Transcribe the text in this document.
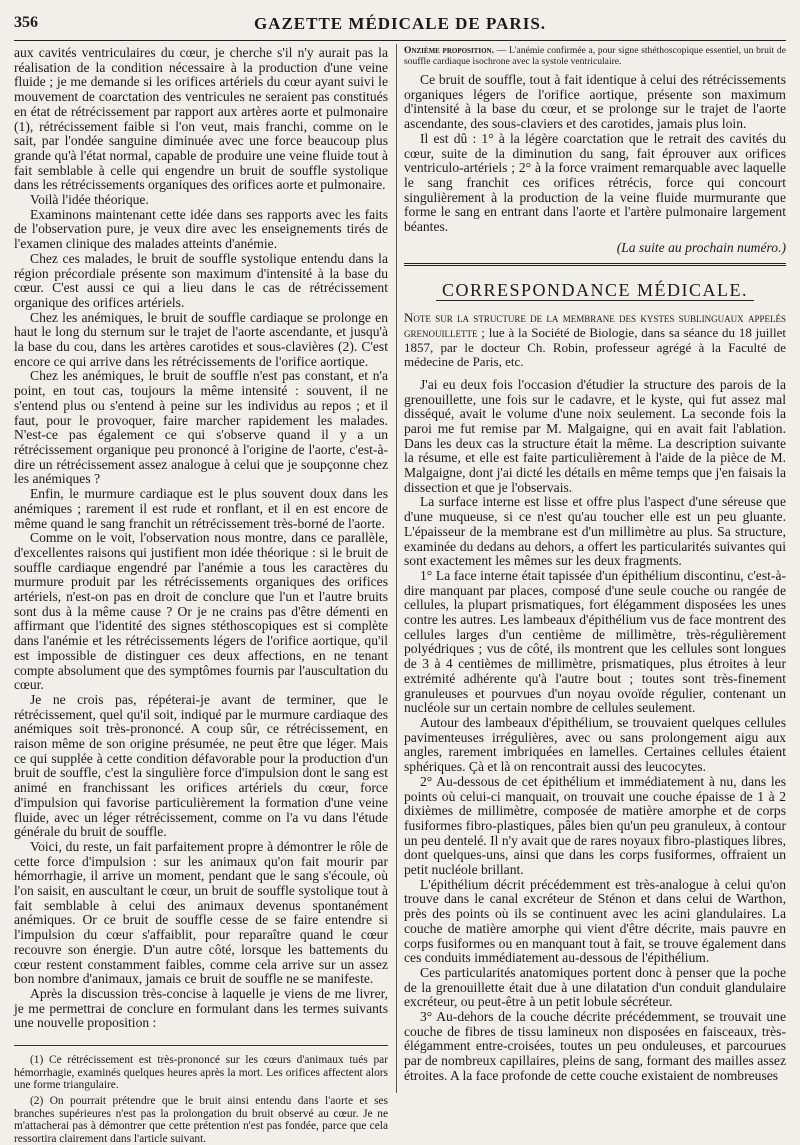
356	GAZETTE MÉDICALE DE PARIS.

aux cavités ventriculaires du cœur, je cherche s'il n'y aurait pas la réalisation de la condition nécessaire à la production d'une veine fluide ; je me demande si les orifices artériels du cœur ayant suivi le mouvement de coarctation des ventricules ne seraient pas constitués en état de rétrécissement par rapport aux artères aorte et pulmonaire (1), rétrécissement faible si l'on veut, mais franchi, comme on le sait, par l'ondée sanguine diminuée avec une force beaucoup plus grande qu'à l'état normal, capable de produire une veine fluide tout à fait semblable à celle qui engendre un bruit de souffle systolique dans les rétrécissements organiques des orifices aorte et pulmonaire.

Voilà l'idée théorique.

Examinons maintenant cette idée dans ses rapports avec les faits de l'observation pure, je veux dire avec les enseignements tirés de l'examen clinique des malades atteints d'anémie.

Chez ces malades, le bruit de souffle systolique entendu dans la région précordiale présente son maximum d'intensité à la base du cœur. C'est aussi ce qui a lieu dans le cas de rétrécissement organique des orifices artériels.

Chez les anémiques, le bruit de souffle cardiaque se prolonge en haut le long du sternum sur le trajet de l'aorte ascendante, et jusqu'à la base du cou, dans les artères carotides et sous-clavières (2). C'est encore ce qui arrive dans les rétrécissements de l'orifice aortique.

Chez les anémiques, le bruit de souffle n'est pas constant, et n'a point, en tout cas, toujours la même intensité : souvent, il ne s'entend plus ou s'entend à peine sur les individus au repos ; et il faut, pour le provoquer, faire marcher rapidement les malades. N'est-ce pas également ce qui s'observe quand il y a un rétrécissement organique peu prononcé à l'origine de l'aorte, c'est-à-dire un rétrécissement assez analogue à celui que je soupçonne chez les anémiques ?

Enfin, le murmure cardiaque est le plus souvent doux dans les anémiques ; rarement il est rude et ronflant, et il en est encore de même quand le sang franchit un rétrécissement très-borné de l'aorte.

Comme on le voit, l'observation nous montre, dans ce parallèle, d'excellentes raisons qui justifient mon idée théorique : si le bruit de souffle cardiaque engendré par l'anémie a tous les caractères du murmure produit par les rétrécissements organiques des orifices artériels, n'est-on pas en droit de conclure que l'un et l'autre bruits sont dus à la même cause ? Or je ne crains pas d'être démenti en affirmant que l'identité des signes stéthoscopiques est si complète dans l'anémie et les rétrécissements légers de l'orifice aortique, qu'il est impossible de distinguer ces deux affections, en ne tenant compte absolument que des symptômes fournis par l'auscultation du cœur.

Je ne crois pas, répéterai-je avant de terminer, que le rétrécissement, quel qu'il soit, indiqué par le murmure cardiaque des anémiques soit très-prononcé. A coup sûr, ce rétrécissement, en raison même de son origine présumée, ne peut être que léger. Mais ce qui supplée à cette condition défavorable pour la production d'un bruit de souffle, c'est la singulière force d'impulsion dont le sang est animé en franchissant les orifices artériels du cœur, force d'impulsion qui favorise particulièrement la formation d'une veine fluide, avec un léger rétrécissement, comme on l'a vu dans l'étude générale du bruit de souffle.

Voici, du reste, un fait parfaitement propre à démontrer le rôle de cette force d'impulsion : sur les animaux qu'on fait mourir par hémorrhagie, il arrive un moment, pendant que le sang s'écoule, où l'on saisit, en auscultant le cœur, un bruit de souffle systolique tout à fait semblable à celui des animaux devenus spontanément anémiques. Or ce bruit de souffle cesse de se faire entendre si l'impulsion du cœur s'affaiblit, pour reparaître quand le cœur recouvre son énergie. D'un autre côté, lorsque les battements du cœur restent constamment faibles, comme cela arrive sur un assez bon nombre d'animaux, jamais ce bruit de souffle ne se manifeste.

Après la discussion très-concise à laquelle je viens de me livrer, je me permettrai de conclure en formulant dans les termes suivants une nouvelle proposition :

(1) Ce rétrécissement est très-prononcé sur les cœurs d'animaux tués par hémorrhagie, examinés quelques heures après la mort. Les orifices affectent alors une forme triangulaire.

(2) On pourrait prétendre que le bruit ainsi entendu dans l'aorte et ses branches supérieures n'est pas la prolongation du bruit observé au cœur. Je ne m'attacherai pas à démontrer que cette prétention n'est pas fondée, parce que cela ressortira clairement dans l'article suivant.

Onzième proposition. — L'anémie confirmée a, pour signe sthéthoscopique essentiel, un bruit de souffle cardiaque isochrone avec la systole ventriculaire.

Ce bruit de souffle, tout à fait identique à celui des rétrécissements organiques légers de l'orifice aortique, présente son maximum d'intensité à la base du cœur, et se prolonge sur le trajet de l'aorte ascendante, des sous-claviers et des carotides, jamais plus loin.

Il est dû : 1° à la légère coarctation que le retrait des cavités du cœur, suite de la diminution du sang, fait éprouver aux orifices ventriculo-artériels ; 2° à la force vraiment remarquable avec laquelle le sang franchit ces orifices rétrécis, force qui concourt singulièrement à la production de la veine fluide murmurante que forme le sang en entrant dans l'aorte et l'artère pulmonaire largement béantes.

(La suite au prochain numéro.)

CORRESPONDANCE MÉDICALE.

Note sur la structure de la membrane des kystes sublinguaux appelés grenouillette ; lue à la Société de Biologie, dans sa séance du 18 juillet 1857, par le docteur Ch. Robin, professeur agrégé à la Faculté de médecine de Paris, etc.

J'ai eu deux fois l'occasion d'étudier la structure des parois de la grenouillette, une fois sur le cadavre, et le kyste, qui fut assez mal disséqué, avait le volume d'une noix seulement. La seconde fois la paroi me fut remise par M. Malgaigne, qui en avait fait l'ablation. Dans les deux cas la structure était la même. La description suivante la résume, et elle est faite particulièrement à l'aide de la pièce de M. Malgaigne, dont j'ai dicté les détails en même temps que j'en faisais la dissection et que je l'observais.

La surface interne est lisse et offre plus l'aspect d'une séreuse que d'une muqueuse, si ce n'est qu'au toucher elle est un peu gluante. L'épaisseur de la membrane est d'un millimètre au plus. Sa structure, examinée du dedans au dehors, a offert les particularités suivantes qui sont exactement les mêmes sur les deux fragments.

1° La face interne était tapissée d'un épithélium discontinu, c'est-à-dire manquant par places, composé d'une seule couche ou rangée de cellules, la plupart prismatiques, fort élégamment disposées les unes contre les autres. Les lambeaux d'épithélium vus de face montrent des cellules larges d'un centième de millimètre, très-régulièrement polyédriques ; vus de côté, ils montrent que les cellules sont longues de 3 à 4 centièmes de millimètre, prismatiques, plus étroites à leur extrémité adhérente qu'à l'autre bout ; toutes sont très-finement granuleuses et pourvues d'un noyau ovoïde régulier, contenant un nucléole sur un certain nombre de cellules seulement.

Autour des lambeaux d'épithélium, se trouvaient quelques cellules pavimenteuses irrégulières, avec ou sans prolongement aigu aux angles, rarement imbriquées en lamelles. Certaines cellules étaient sphériques. Çà et là on rencontrait aussi des leucocytes.

2° Au-dessous de cet épithélium et immédiatement à nu, dans les points où celui-ci manquait, on trouvait une couche épaisse de 1 à 2 dixièmes de millimètre, composée de matière amorphe et de corps fusiformes fibro-plastiques, pâles bien qu'un peu granuleux, à contour un peu dentelé. Il n'y avait que de rares noyaux fibro-plastiques libres, dont quelques-uns, ainsi que dans les corps fusiformes, offraient un petit nucléole brillant.

L'épithélium décrit précédemment est très-analogue à celui qu'on trouve dans le canal excréteur de Sténon et dans celui de Warthon, près des points où ils se continuent avec les acini glandulaires. La couche de matière amorphe qui vient d'être décrite, mais pauvre en corps fusiformes ou en manquant tout à fait, se trouve également dans ces conduits immédiatement au-dessous de l'épithélium.

Ces particularités anatomiques portent donc à penser que la poche de la grenouillette était due à une dilatation d'un conduit glandulaire excréteur, ou peut-être à un petit lobule sécréteur.

3° Au-dehors de la couche décrite précédemment, se trouvait une couche de fibres de tissu lamineux non disposées en faisceaux, très-élégamment entre-croisées, toutes un peu onduleuses, et parcourues par de nombreux capillaires, pleins de sang, formant des mailles assez étroites. A la face profonde de cette couche existaient de nombreuses
